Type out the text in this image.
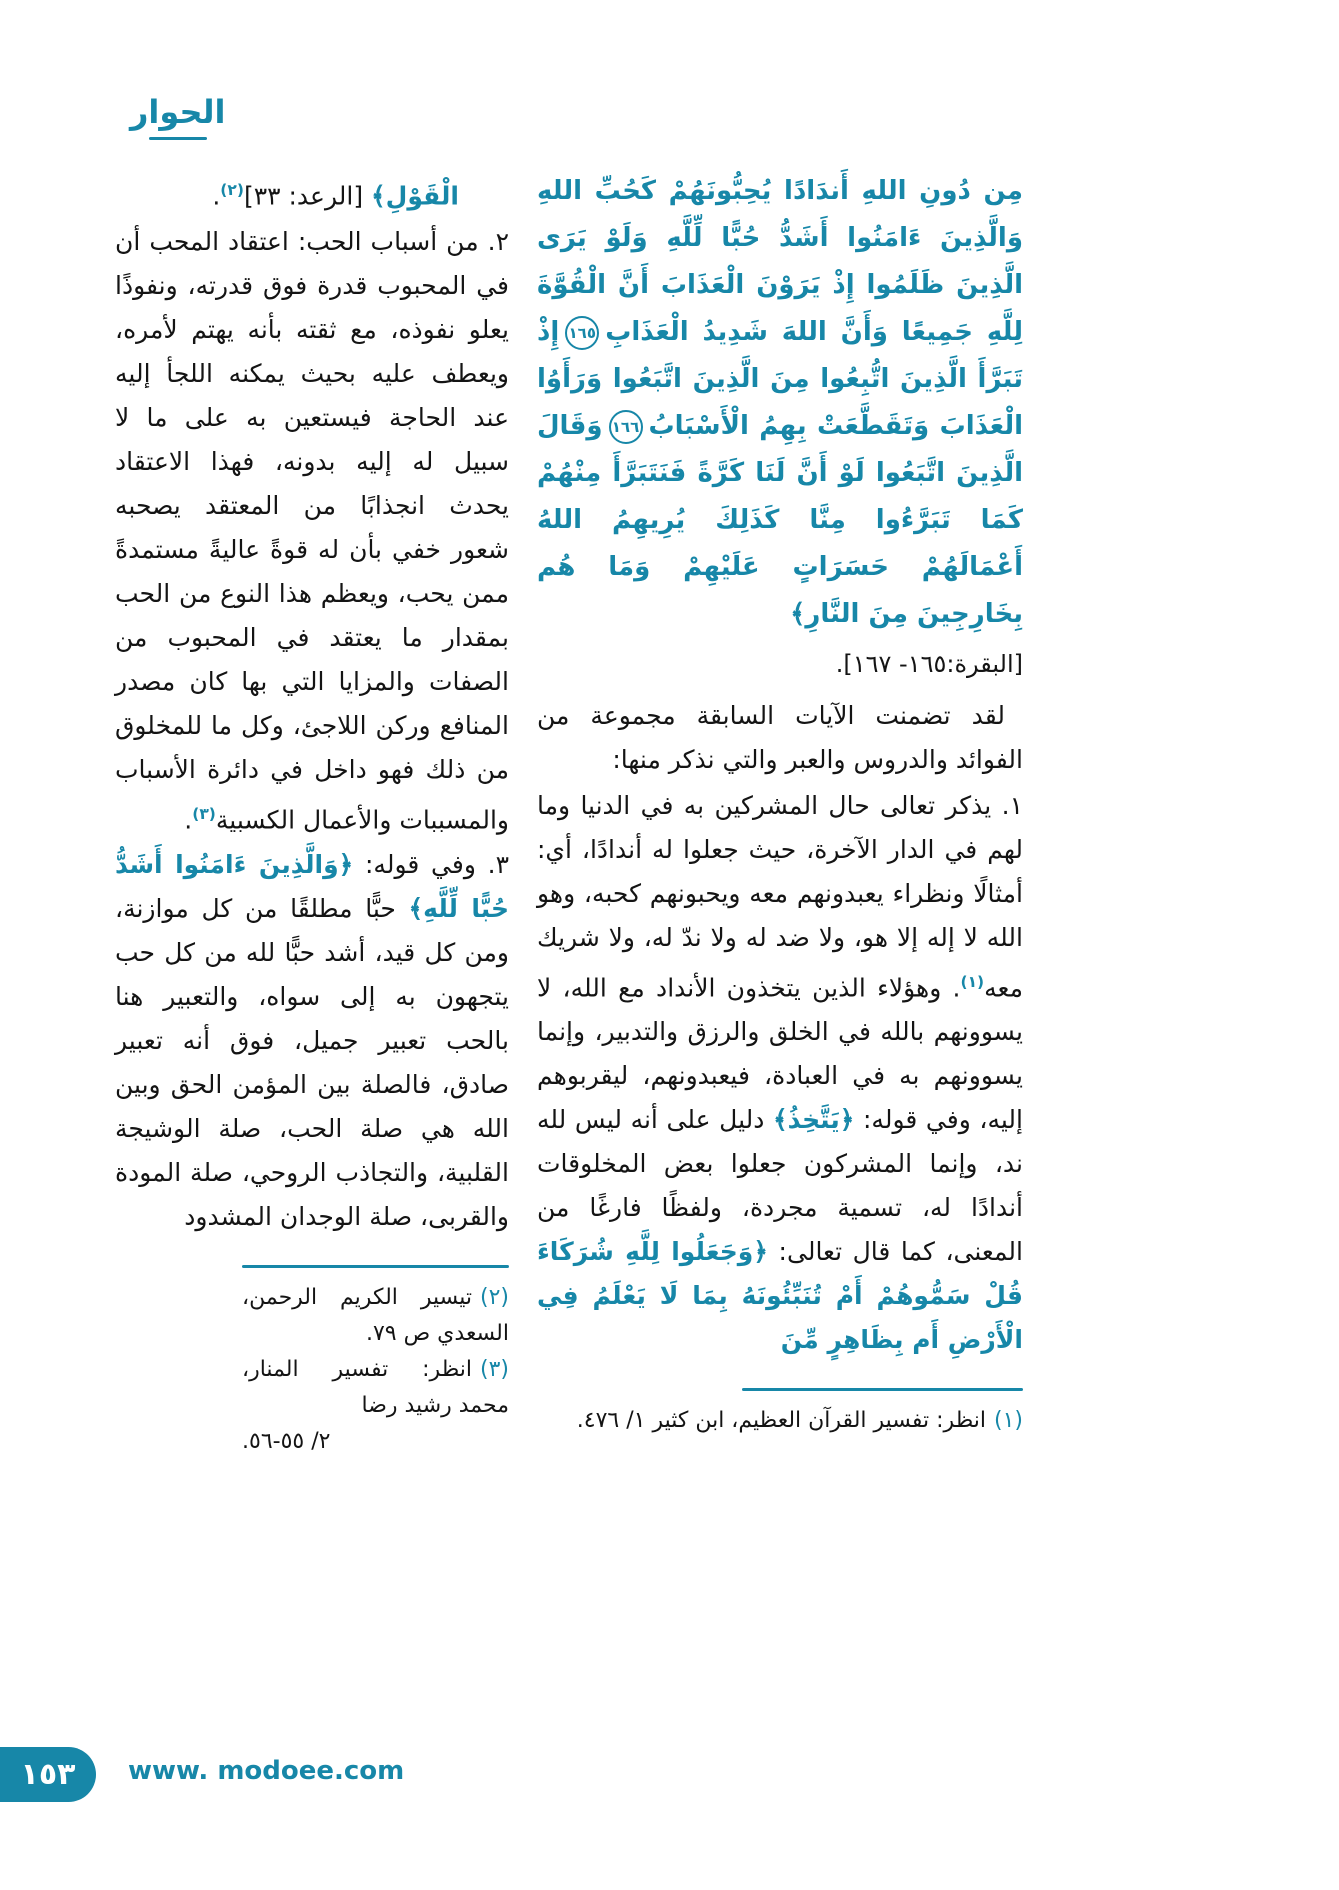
الحوار

مِن دُونِ اللهِ أَندَادًا يُحِبُّونَهُمْ كَحُبِّ اللهِ وَالَّذِينَ ءَامَنُوا أَشَدُّ حُبًّا لِّلَّهِ وَلَوْ يَرَى الَّذِينَ ظَلَمُوا إِذْ يَرَوْنَ الْعَذَابَ أَنَّ الْقُوَّةَ لِلَّهِ جَمِيعًا وَأَنَّ اللهَ شَدِيدُ الْعَذَابِ١٦٥إِذْ تَبَرَّأَ الَّذِينَ اتُّبِعُوا مِنَ الَّذِينَ اتَّبَعُوا وَرَأَوُا الْعَذَابَ وَتَقَطَّعَتْ بِهِمُ الْأَسْبَابُ١٦٦وَقَالَ الَّذِينَ اتَّبَعُوا لَوْ أَنَّ لَنَا كَرَّةً فَنَتَبَرَّأَ مِنْهُمْ كَمَا تَبَرَّءُوا مِنَّا كَذَلِكَ يُرِيهِمُ اللهُ أَعْمَالَهُمْ حَسَرَاتٍ عَلَيْهِمْ وَمَا هُم بِخَارِجِينَ مِنَ النَّارِ﴾

[البقرة:١٦٥- ١٦٧].

لقد تضمنت الآيات السابقة مجموعة من الفوائد والدروس والعبر والتي نذكر منها:

١. يذكر تعالى حال المشركين به في الدنيا وما لهم في الدار الآخرة، حيث جعلوا له أندادًا، أي: أمثالًا ونظراء يعبدونهم معه ويحبونهم كحبه، وهو الله لا إله إلا هو، ولا ضد له ولا ندّ له، ولا شريك معه$^{(١)}$. وهؤلاء الذين يتخذون الأنداد مع الله، لا يسوونهم بالله في الخلق والرزق والتدبير، وإنما يسوونهم به في العبادة، فيعبدونهم، ليقربوهم إليه، وفي قوله: ﴿يَتَّخِذُ﴾ دليل على أنه ليس لله ند، وإنما المشركون جعلوا بعض المخلوقات أندادًا له، تسمية مجردة، ولفظًا فارغًا من المعنى، كما قال تعالى: ﴿وَجَعَلُوا لِلَّهِ شُرَكَاءَ قُلْ سَمُّوهُمْ أَمْ تُنَبِّئُونَهُ بِمَا لَا يَعْلَمُ فِي الْأَرْضِ أَم بِظَاهِرٍ مِّنَ

(١)انظر: تفسير القرآن العظيم، ابن كثير ١/ ٤٧٦.

الْقَوْلِ﴾ [الرعد: ٣٣]$^{(٢)}$.

٢. من أسباب الحب: اعتقاد المحب أن في المحبوب قدرة فوق قدرته، ونفوذًا يعلو نفوذه، مع ثقته بأنه يهتم لأمره، ويعطف عليه بحيث يمكنه اللجأ إليه عند الحاجة فيستعين به على ما لا سبيل له إليه بدونه، فهذا الاعتقاد يحدث انجذابًا من المعتقد يصحبه شعور خفي بأن له قوةً عاليةً مستمدةً ممن يحب، ويعظم هذا النوع من الحب بمقدار ما يعتقد في المحبوب من الصفات والمزايا التي بها كان مصدر المنافع وركن اللاجئ، وكل ما للمخلوق من ذلك فهو داخل في دائرة الأسباب والمسببات والأعمال الكسبية$^{(٣)}$.

٣. وفي قوله: ﴿وَالَّذِينَ ءَامَنُوا أَشَدُّ حُبًّا لِّلَّهِ﴾ حبًّا مطلقًا من كل موازنة، ومن كل قيد، أشد حبًّا لله من كل حب يتجهون به إلى سواه، والتعبير هنا بالحب تعبير جميل، فوق أنه تعبير صادق، فالصلة بين المؤمن الحق وبين الله هي صلة الحب، صلة الوشيجة القلبية، والتجاذب الروحي، صلة المودة والقربى، صلة الوجدان المشدود

(٢)تيسير الكريم الرحمن، السعدي ص ٧٩.

(٣)انظر: تفسير المنار، محمد رشيد رضا

٢/ ٥٥-٥٦.

١٥٣ www. modoee.com
